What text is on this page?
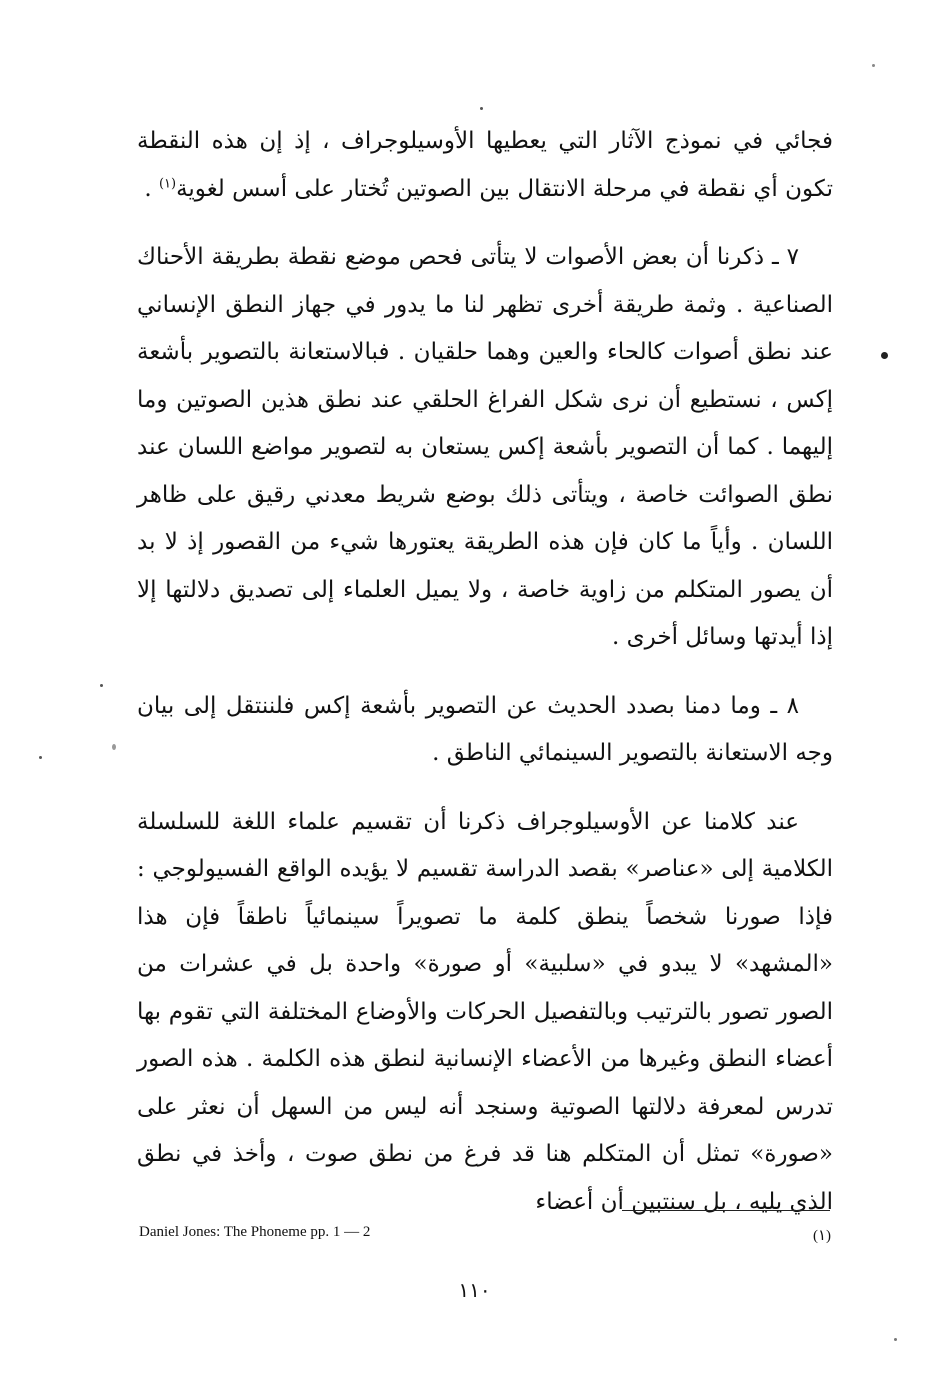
فجائي في نموذج الآثار التي يعطيها الأوسيلوجراف ، إذ إن هذه النقطة تكون أي نقطة في مرحلة الانتقال بين الصوتين تُختار على أسس لغوية$^{(١)}$ .

٧ ـ ذكرنا أن بعض الأصوات لا يتأتى فحص موضع نقطة بطريقة الأحناك الصناعية . وثمة طريقة أخرى تظهر لنا ما يدور في جهاز النطق الإنساني عند نطق أصوات كالحاء والعين وهما حلقيان . فبالاستعانة بالتصوير بأشعة إكس ، نستطيع أن نرى شكل الفراغ الحلقي عند نطق هذين الصوتين وما إليهما . كما أن التصوير بأشعة إكس يستعان به لتصوير مواضع اللسان عند نطق الصوائت خاصة ، ويتأتى ذلك بوضع شريط معدني رقيق على ظاهر اللسان . وأياً ما كان فإن هذه الطريقة يعتورها شيء من القصور إذ لا بد أن يصور المتكلم من زاوية خاصة ، ولا يميل العلماء إلى تصديق دلالتها إلا إذا أيدتها وسائل أخرى .

٨ ـ وما دمنا بصدد الحديث عن التصوير بأشعة إكس فلننتقل إلى بيان وجه الاستعانة بالتصوير السينمائي الناطق .

عند كلامنا عن الأوسيلوجراف ذكرنا أن تقسيم علماء اللغة للسلسلة الكلامية إلى «عناصر» بقصد الدراسة تقسيم لا يؤيده الواقع الفسيولوجي : فإذا صورنا شخصاً ينطق كلمة ما تصويراً سينمائياً ناطقاً فإن هذا «المشهد» لا يبدو في «سلبية» أو صورة» واحدة بل في عشرات من الصور تصور بالترتيب وبالتفصيل الحركات والأوضاع المختلفة التي تقوم بها أعضاء النطق وغيرها من الأعضاء الإنسانية لنطق هذه الكلمة . هذه الصور تدرس لمعرفة دلالتها الصوتية وسنجد أنه ليس من السهل أن نعثر على «صورة» تمثل أن المتكلم هنا قد فرغ من نطق صوت ، وأخذ في نطق الذي يليه ، بل سنتبين أن أعضاء

Daniel Jones: The Phoneme pp. 1 — 2	(١)
١١٠
